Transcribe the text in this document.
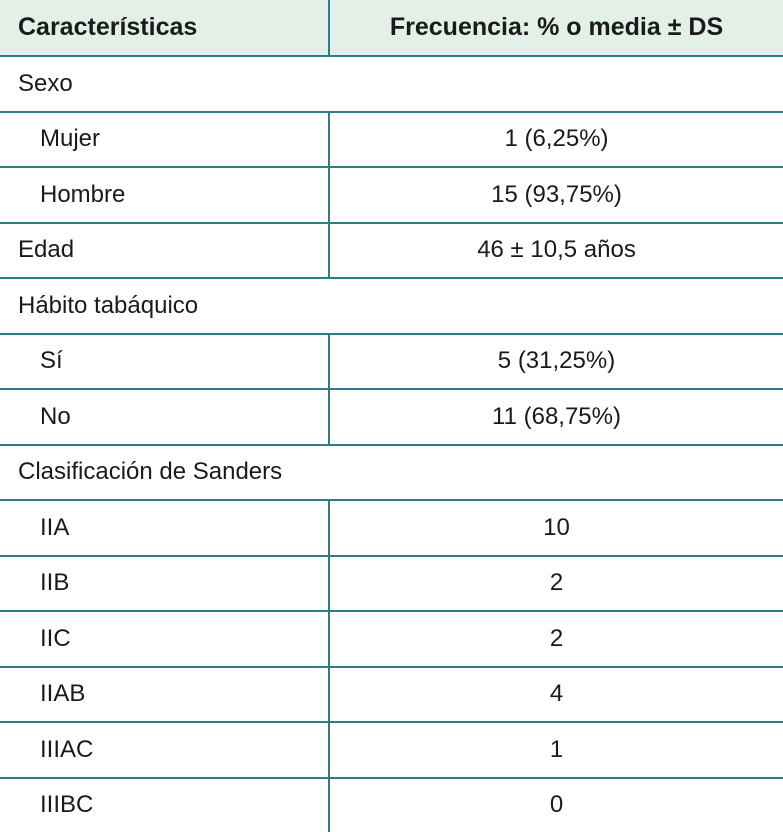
Características	Frecuencia: % o media ± DS
Sexo	
Mujer	1 (6,25%)
Hombre	15 (93,75%)
Edad	46 ± 10,5 años
Hábito tabáquico	
Sí	5 (31,25%)
No	11 (68,75%)
Clasificación de Sanders	
IIA	10
IIB	2
IIC	2
IIAB	4
IIIAC	1
IIIBC	0
